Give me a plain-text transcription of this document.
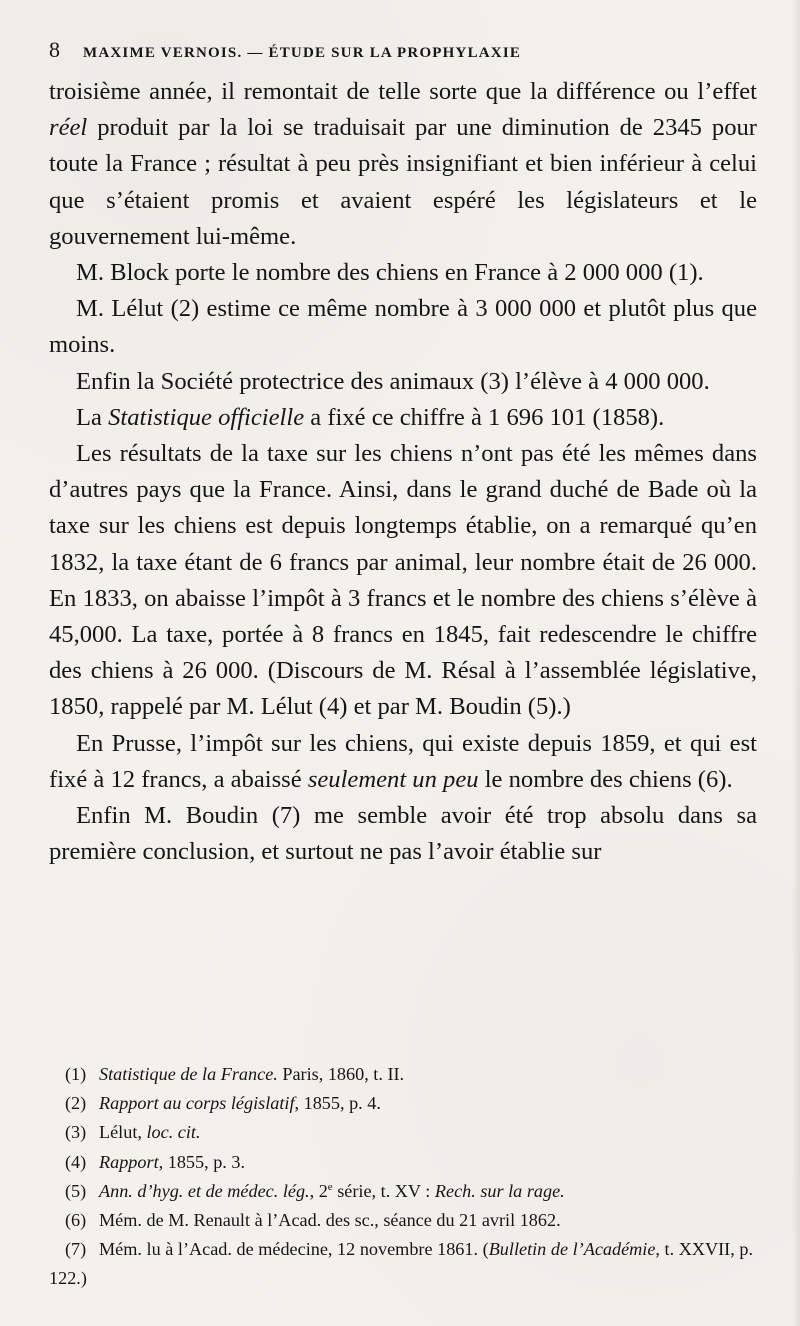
8	MAXIME VERNOIS. — ÉTUDE SUR LA PROPHYLAXIE

troisième année, il remontait de telle sorte que la différence ou l’effet réel produit par la loi se traduisait par une diminution de 2345 pour toute la France ; résultat à peu près insignifiant et bien inférieur à celui que s’étaient promis et avaient espéré les législateurs et le gouvernement lui-même.

M. Block porte le nombre des chiens en France à 2 000 000 (1).

M. Lélut (2) estime ce même nombre à 3 000 000 et plutôt plus que moins.

Enfin la Société protectrice des animaux (3) l’élève à 4 000 000.

La Statistique officielle a fixé ce chiffre à 1 696 101 (1858).

Les résultats de la taxe sur les chiens n’ont pas été les mêmes dans d’autres pays que la France. Ainsi, dans le grand duché de Bade où la taxe sur les chiens est depuis longtemps établie, on a remarqué qu’en 1832, la taxe étant de 6 francs par animal, leur nombre était de 26 000. En 1833, on abaisse l’impôt à 3 francs et le nombre des chiens s’élève à 45,000. La taxe, portée à 8 francs en 1845, fait redescendre le chiffre des chiens à 26 000. (Discours de M. Résal à l’assemblée législative, 1850, rappelé par M. Lélut (4) et par M. Boudin (5).)

En Prusse, l’impôt sur les chiens, qui existe depuis 1859, et qui est fixé à 12 francs, a abaissé seulement un peu le nombre des chiens (6).

Enfin M. Boudin (7) me semble avoir été trop absolu dans sa première conclusion, et surtout ne pas l’avoir établie sur

(1) Statistique de la France. Paris, 1860, t. II.

(2) Rapport au corps législatif, 1855, p. 4.

(3) Lélut, loc. cit.

(4) Rapport, 1855, p. 3.

(5) Ann. d’hyg. et de médec. lég., 2e série, t. XV : Rech. sur la rage.

(6) Mém. de M. Renault à l’Acad. des sc., séance du 21 avril 1862.

(7) Mém. lu à l’Acad. de médecine, 12 novembre 1861. (Bulletin de l’Académie, t. XXVII, p. 122.)
